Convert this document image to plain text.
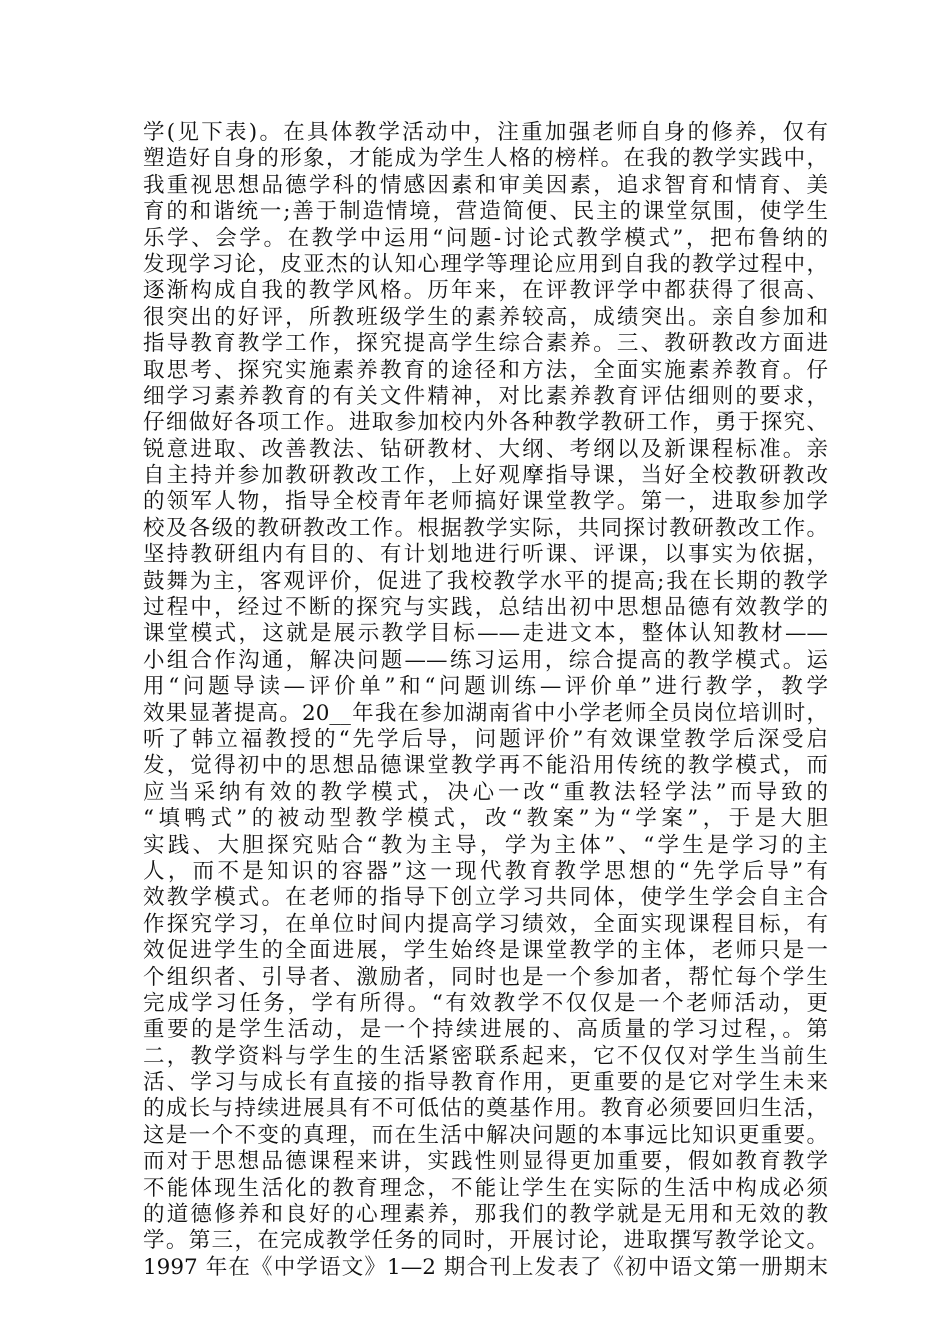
学(见下表)。在具体教学活动中，注重加强老师自身的修养，仅有
塑造好自身的形象，才能成为学生人格的榜样。在我的教学实践中，
我重视思想品德学科的情感因素和审美因素，追求智育和情育、美
育的和谐统一;善于制造情境，营造简便、民主的课堂氛围，使学生
乐学、会学。在教学中运用“问题-讨论式教学模式”，把布鲁纳的
发现学习论，皮亚杰的认知心理学等理论应用到自我的教学过程中，
逐渐构成自我的教学风格。历年来，在评教评学中都获得了很高、
很突出的好评，所教班级学生的素养较高，成绩突出。亲自参加和
指导教育教学工作，探究提高学生综合素养。三、教研教改方面进
取思考、探究实施素养教育的途径和方法，全面实施素养教育。仔
细学习素养教育的有关文件精神，对比素养教育评估细则的要求，
仔细做好各项工作。进取参加校内外各种教学教研工作，勇于探究、
锐意进取、改善教法、钻研教材、大纲、考纲以及新课程标准。亲
自主持并参加教研教改工作，上好观摩指导课，当好全校教研教改
的领军人物，指导全校青年老师搞好课堂教学。第一，进取参加学
校及各级的教研教改工作。根据教学实际，共同探讨教研教改工作。
坚持教研组内有目的、有计划地进行听课、评课，以事实为依据，
鼓舞为主，客观评价，促进了我校教学水平的提高;我在长期的教学
过程中，经过不断的探究与实践，总结出初中思想品德有效教学的
课堂模式，这就是展示教学目标——走进文本，整体认知教材——
小组合作沟通，解决问题——练习运用，综合提高的教学模式。运
用“问题导读—评价单”和“问题训练—评价单”进行教学，教学
效果显著提高。20__年我在参加湖南省中小学老师全员岗位培训时，
听了韩立福教授的“先学后导，问题评价”有效课堂教学后深受启
发，觉得初中的思想品德课堂教学再不能沿用传统的教学模式，而
应当采纳有效的教学模式，决心一改“重教法轻学法”而导致的
“填鸭式”的被动型教学模式，改“教案”为“学案”，于是大胆
实践、大胆探究贴合“教为主导，学为主体”、“学生是学习的主
人，而不是知识的容器”这一现代教育教学思想的“先学后导”有
效教学模式。在老师的指导下创立学习共同体，使学生学会自主合
作探究学习，在单位时间内提高学习绩效，全面实现课程目标，有
效促进学生的全面进展，学生始终是课堂教学的主体，老师只是一
个组织者、引导者、激励者，同时也是一个参加者，帮忙每个学生
完成学习任务，学有所得。“有效教学不仅仅是一个老师活动，更
重要的是学生活动，是一个持续进展的、高质量的学习过程，。第
二，教学资料与学生的生活紧密联系起来，它不仅仅对学生当前生
活、学习与成长有直接的指导教育作用，更重要的是它对学生未来
的成长与持续进展具有不可低估的奠基作用。教育必须要回归生活，
这是一个不变的真理，而在生活中解决问题的本事远比知识更重要。
而对于思想品德课程来讲，实践性则显得更加重要，假如教育教学
不能体现生活化的教育理念，不能让学生在实际的生活中构成必须
的道德修养和良好的心理素养，那我们的教学就是无用和无效的教
学。第三，在完成教学任务的同时，开展讨论，进取撰写教学论文。
1997 年在《中学语文》1—2 期合刊上发表了《初中语文第一册期末
